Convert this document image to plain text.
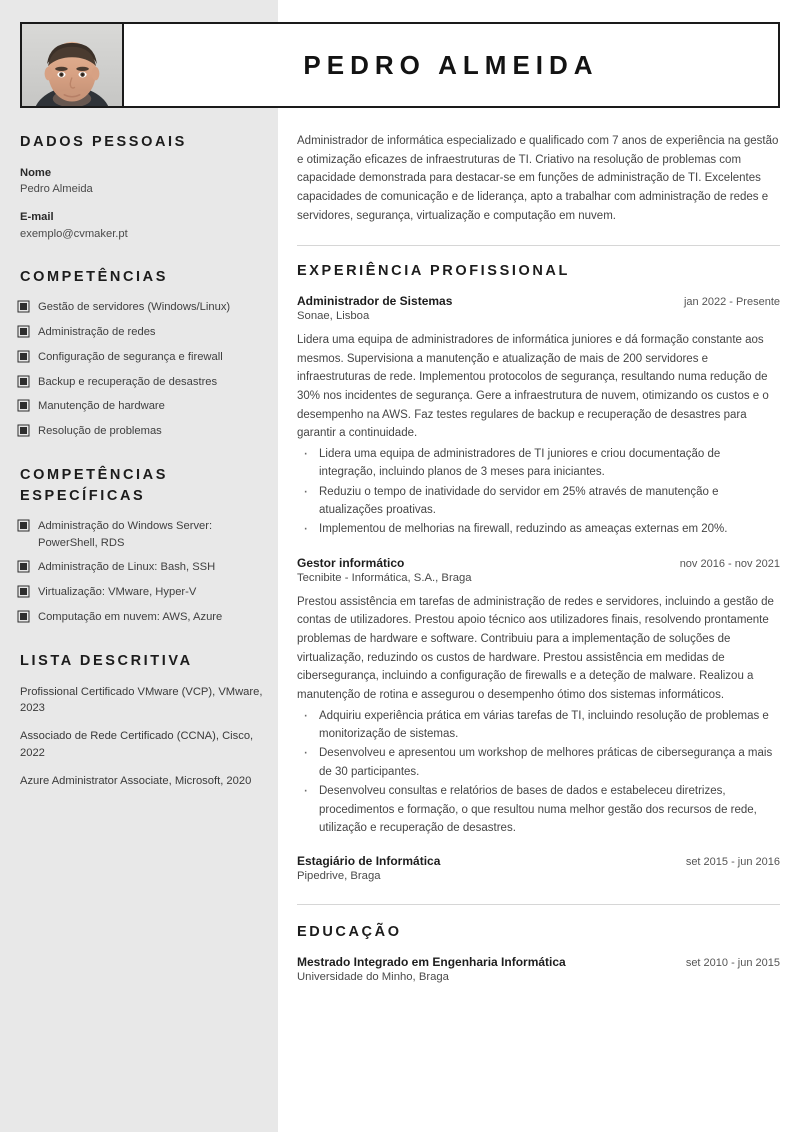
DADOS PESSOAIS
Nome
Pedro Almeida
E-mail
exemplo@cvmaker.pt
COMPETÊNCIAS
Gestão de servidores (Windows/Linux)
Administração de redes
Configuração de segurança e firewall
Backup e recuperação de desastres
Manutenção de hardware
Resolução de problemas
COMPETÊNCIAS ESPECÍFICAS
Administração do Windows Server: PowerShell, RDS
Administração de Linux: Bash, SSH
Virtualização: VMware, Hyper-V
Computação em nuvem: AWS, Azure
LISTA DESCRITIVA
Profissional Certificado VMware (VCP), VMware, 2023
Associado de Rede Certificado (CCNA), Cisco, 2022
Azure Administrator Associate, Microsoft, 2020
PEDRO ALMEIDA

Administrador de informática especializado e qualificado com 7 anos de experiência na gestão e otimização eficazes de infraestruturas de TI. Criativo na resolução de problemas com capacidade demonstrada para destacar-se em funções de administração de TI. Excelentes capacidades de comunicação e de liderança, apto a trabalhar com administração de redes e servidores, segurança, virtualização e computação em nuvem.

EXPERIÊNCIA PROFISSIONAL
Administrador de Sistemas	jan 2022 - Presente
Sonae, Lisboa

Lidera uma equipa de administradores de informática juniores e dá formação constante aos mesmos. Supervisiona a manutenção e atualização de mais de 200 servidores e infraestruturas de rede. Implementou protocolos de segurança, resultando numa redução de 30% nos incidentes de segurança. Gere a infraestrutura de nuvem, otimizando os custos e o desempenho na AWS. Faz testes regulares de backup e recuperação de desastres para garantir a continuidade.

· Lidera uma equipa de administradores de TI juniores e criou documentação de integração, incluindo planos de 3 meses para iniciantes.
· Reduziu o tempo de inatividade do servidor em 25% através de manutenção e atualizações proativas.
· Implementou de melhorias na firewall, reduzindo as ameaças externas em 20%.
Gestor informático	nov 2016 - nov 2021
Tecnibite - Informática, S.A., Braga

Prestou assistência em tarefas de administração de redes e servidores, incluindo a gestão de contas de utilizadores. Prestou apoio técnico aos utilizadores finais, resolvendo prontamente problemas de hardware e software. Contribuiu para a implementação de soluções de virtualização, reduzindo os custos de hardware. Prestou assistência em medidas de cibersegurança, incluindo a configuração de firewalls e a deteção de malware. Realizou a manutenção de rotina e assegurou o desempenho ótimo dos sistemas informáticos.

· Adquiriu experiência prática em várias tarefas de TI, incluindo resolução de problemas e monitorização de sistemas.
· Desenvolveu e apresentou um workshop de melhores práticas de cibersegurança a mais de 30 participantes.
· Desenvolveu consultas e relatórios de bases de dados e estabeleceu diretrizes, procedimentos e formação, o que resultou numa melhor gestão dos recursos de rede, utilização e recuperação de desastres.
Estagiário de Informática	set 2015 - jun 2016
Pipedrive, Braga
EDUCAÇÃO
Mestrado Integrado em Engenharia Informática	set 2010 - jun 2015
Universidade do Minho, Braga
